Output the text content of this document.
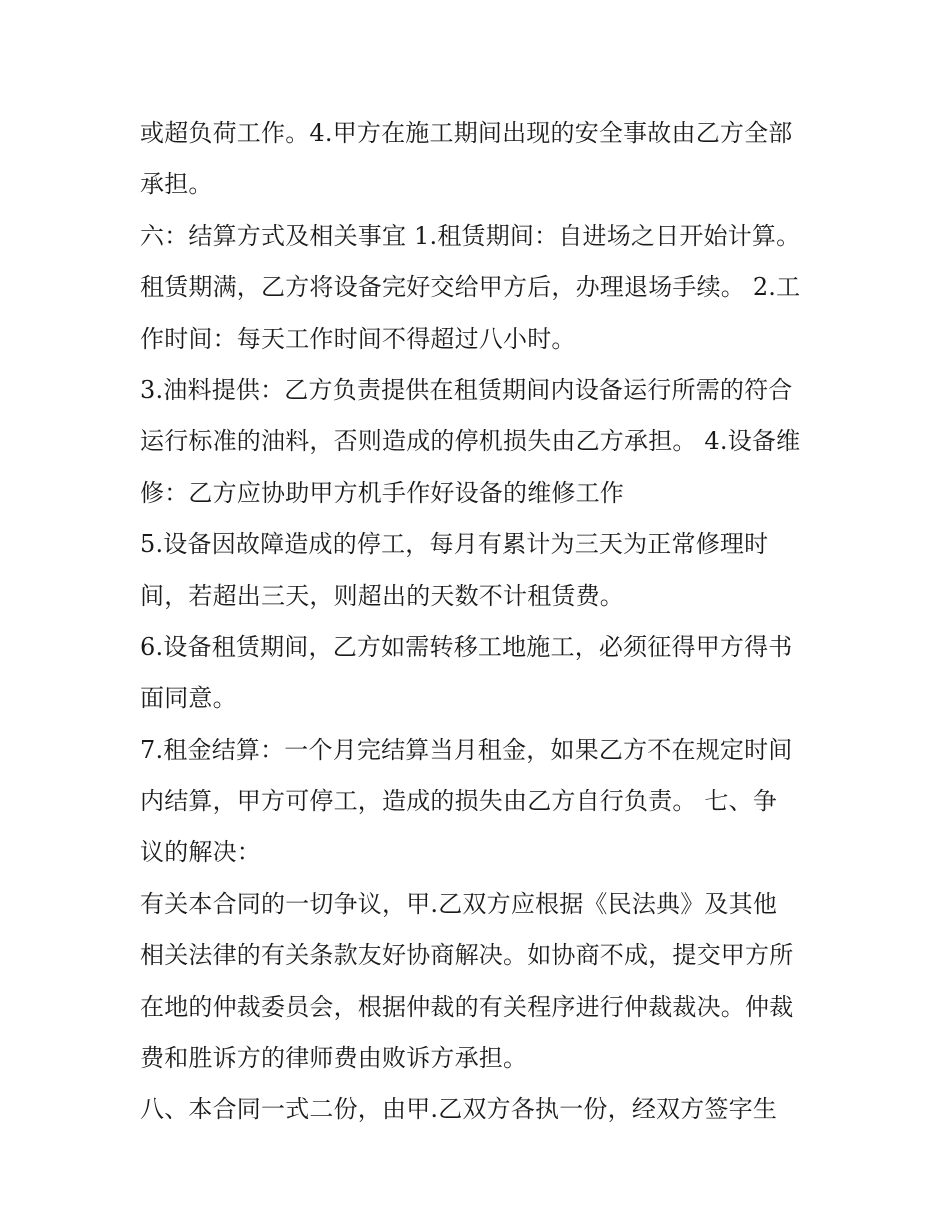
或超负荷工作。4.甲方在施工期间出现的安全事故由乙方全部
承担。
六：结算方式及相关事宜 1.租赁期间：自进场之日开始计算。
租赁期满，乙方将设备完好交给甲方后，办理退场手续。 2.工
作时间：每天工作时间不得超过八小时。
3.油料提供：乙方负责提供在租赁期间内设备运行所需的符合
运行标准的油料，否则造成的停机损失由乙方承担。 4.设备维
修：乙方应协助甲方机手作好设备的维修工作
5.设备因故障造成的停工，每月有累计为三天为正常修理时
间，若超出三天，则超出的天数不计租赁费。
6.设备租赁期间，乙方如需转移工地施工，必须征得甲方得书
面同意。
7.租金结算：一个月完结算当月租金，如果乙方不在规定时间
内结算，甲方可停工，造成的损失由乙方自行负责。 七、争
议的解决：
有关本合同的一切争议，甲.乙双方应根据《民法典》及其他
相关法律的有关条款友好协商解决。如协商不成，提交甲方所
在地的仲裁委员会，根据仲裁的有关程序进行仲裁裁决。仲裁
费和胜诉方的律师费由败诉方承担。
八、本合同一式二份，由甲.乙双方各执一份，经双方签字生
